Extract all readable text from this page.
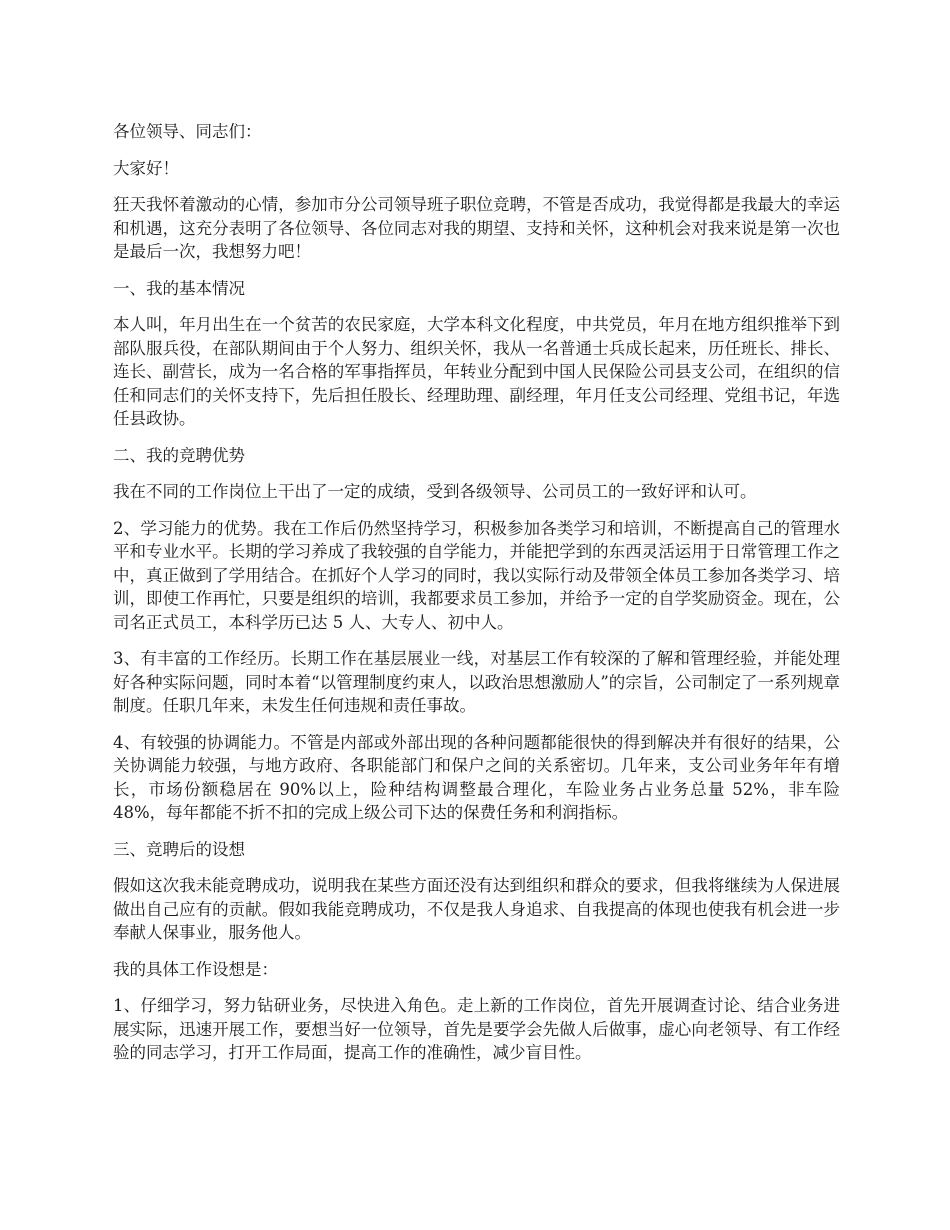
各位领导、同志们：

大家好！

狂天我怀着激动的心情，参加市分公司领导班子职位竞聘，不管是否成功，我觉得都是我最大的幸运和机遇，这充分表明了各位领导、各位同志对我的期望、支持和关怀，这种机会对我来说是第一次也是最后一次，我想努力吧！

一、我的基本情况

本人叫，年月出生在一个贫苦的农民家庭，大学本科文化程度，中共党员，年月在地方组织推举下到部队服兵役，在部队期间由于个人努力、组织关怀，我从一名普通士兵成长起来，历任班长、排长、连长、副营长，成为一名合格的军事指挥员，年转业分配到中国人民保险公司县支公司，在组织的信任和同志们的关怀支持下，先后担任股长、经理助理、副经理，年月任支公司经理、党组书记，年选任县政协。

二、我的竞聘优势

我在不同的工作岗位上干出了一定的成绩，受到各级领导、公司员工的一致好评和认可。

2、学习能力的优势。我在工作后仍然坚持学习，积极参加各类学习和培训，不断提高自己的管理水平和专业水平。长期的学习养成了我较强的自学能力，并能把学到的东西灵活运用于日常管理工作之中，真正做到了学用结合。在抓好个人学习的同时，我以实际行动及带领全体员工参加各类学习、培训，即使工作再忙，只要是组织的培训，我都要求员工参加，并给予一定的自学奖励资金。现在，公司名正式员工，本科学历已达 5 人、大专人、初中人。

3、有丰富的工作经历。长期工作在基层展业一线，对基层工作有较深的了解和管理经验，并能处理好各种实际问题，同时本着“以管理制度约束人，以政治思想激励人”的宗旨，公司制定了一系列规章制度。任职几年来，未发生任何违规和责任事故。

4、有较强的协调能力。不管是内部或外部出现的各种问题都能很快的得到解决并有很好的结果，公关协调能力较强，与地方政府、各职能部门和保户之间的关系密切。几年来，支公司业务年年有增长，市场份额稳居在 90%以上，险种结构调整最合理化，车险业务占业务总量 52%，非车险 48%，每年都能不折不扣的完成上级公司下达的保费任务和利润指标。

三、竞聘后的设想

假如这次我未能竞聘成功，说明我在某些方面还没有达到组织和群众的要求，但我将继续为人保进展做出自己应有的贡献。假如我能竞聘成功，不仅是我人身追求、自我提高的体现也使我有机会进一步奉献人保事业，服务他人。

我的具体工作设想是：

1、仔细学习，努力钻研业务，尽快进入角色。走上新的工作岗位，首先开展调查讨论、结合业务进展实际，迅速开展工作，要想当好一位领导，首先是要学会先做人后做事，虚心向老领导、有工作经验的同志学习，打开工作局面，提高工作的准确性，减少盲目性。
